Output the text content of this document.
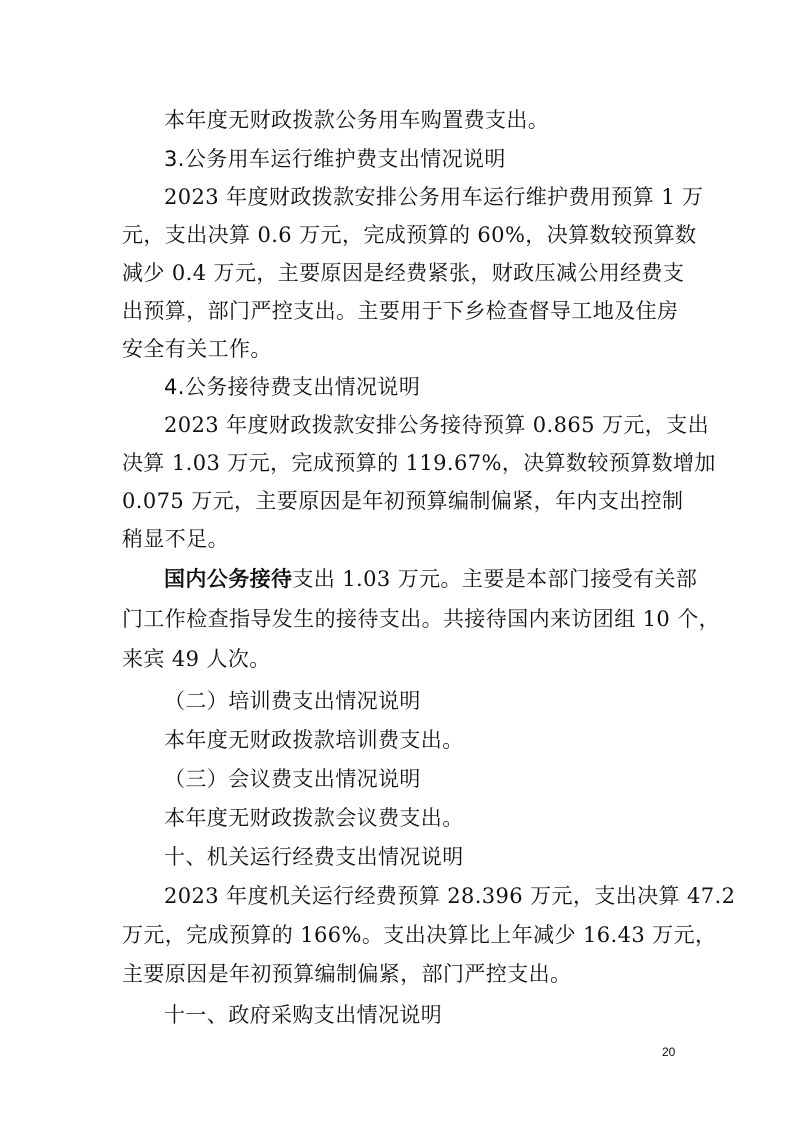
本年度无财政拨款公务用车购置费支出。
3.公务用车运行维护费支出情况说明
2023 年度财政拨款安排公务用车运行维护费用预算 1 万
元，支出决算 0.6 万元，完成预算的 60%，决算数较预算数
减少 0.4 万元，主要原因是经费紧张，财政压减公用经费支
出预算，部门严控支出。主要用于下乡检查督导工地及住房
安全有关工作。
4.公务接待费支出情况说明
2023 年度财政拨款安排公务接待预算 0.865 万元，支出
决算 1.03 万元，完成预算的 119.67%，决算数较预算数增加
0.075 万元，主要原因是年初预算编制偏紧，年内支出控制
稍显不足。
国内公务接待支出 1.03 万元。主要是本部门接受有关部
门工作检查指导发生的接待支出。共接待国内来访团组 10 个，
来宾 49 人次。
（二）培训费支出情况说明
本年度无财政拨款培训费支出。
（三）会议费支出情况说明
本年度无财政拨款会议费支出。
十、机关运行经费支出情况说明
2023 年度机关运行经费预算 28.396 万元，支出决算 47.2
万元，完成预算的 166%。支出决算比上年减少 16.43 万元，
主要原因是年初预算编制偏紧，部门严控支出。
十一、政府采购支出情况说明
20
